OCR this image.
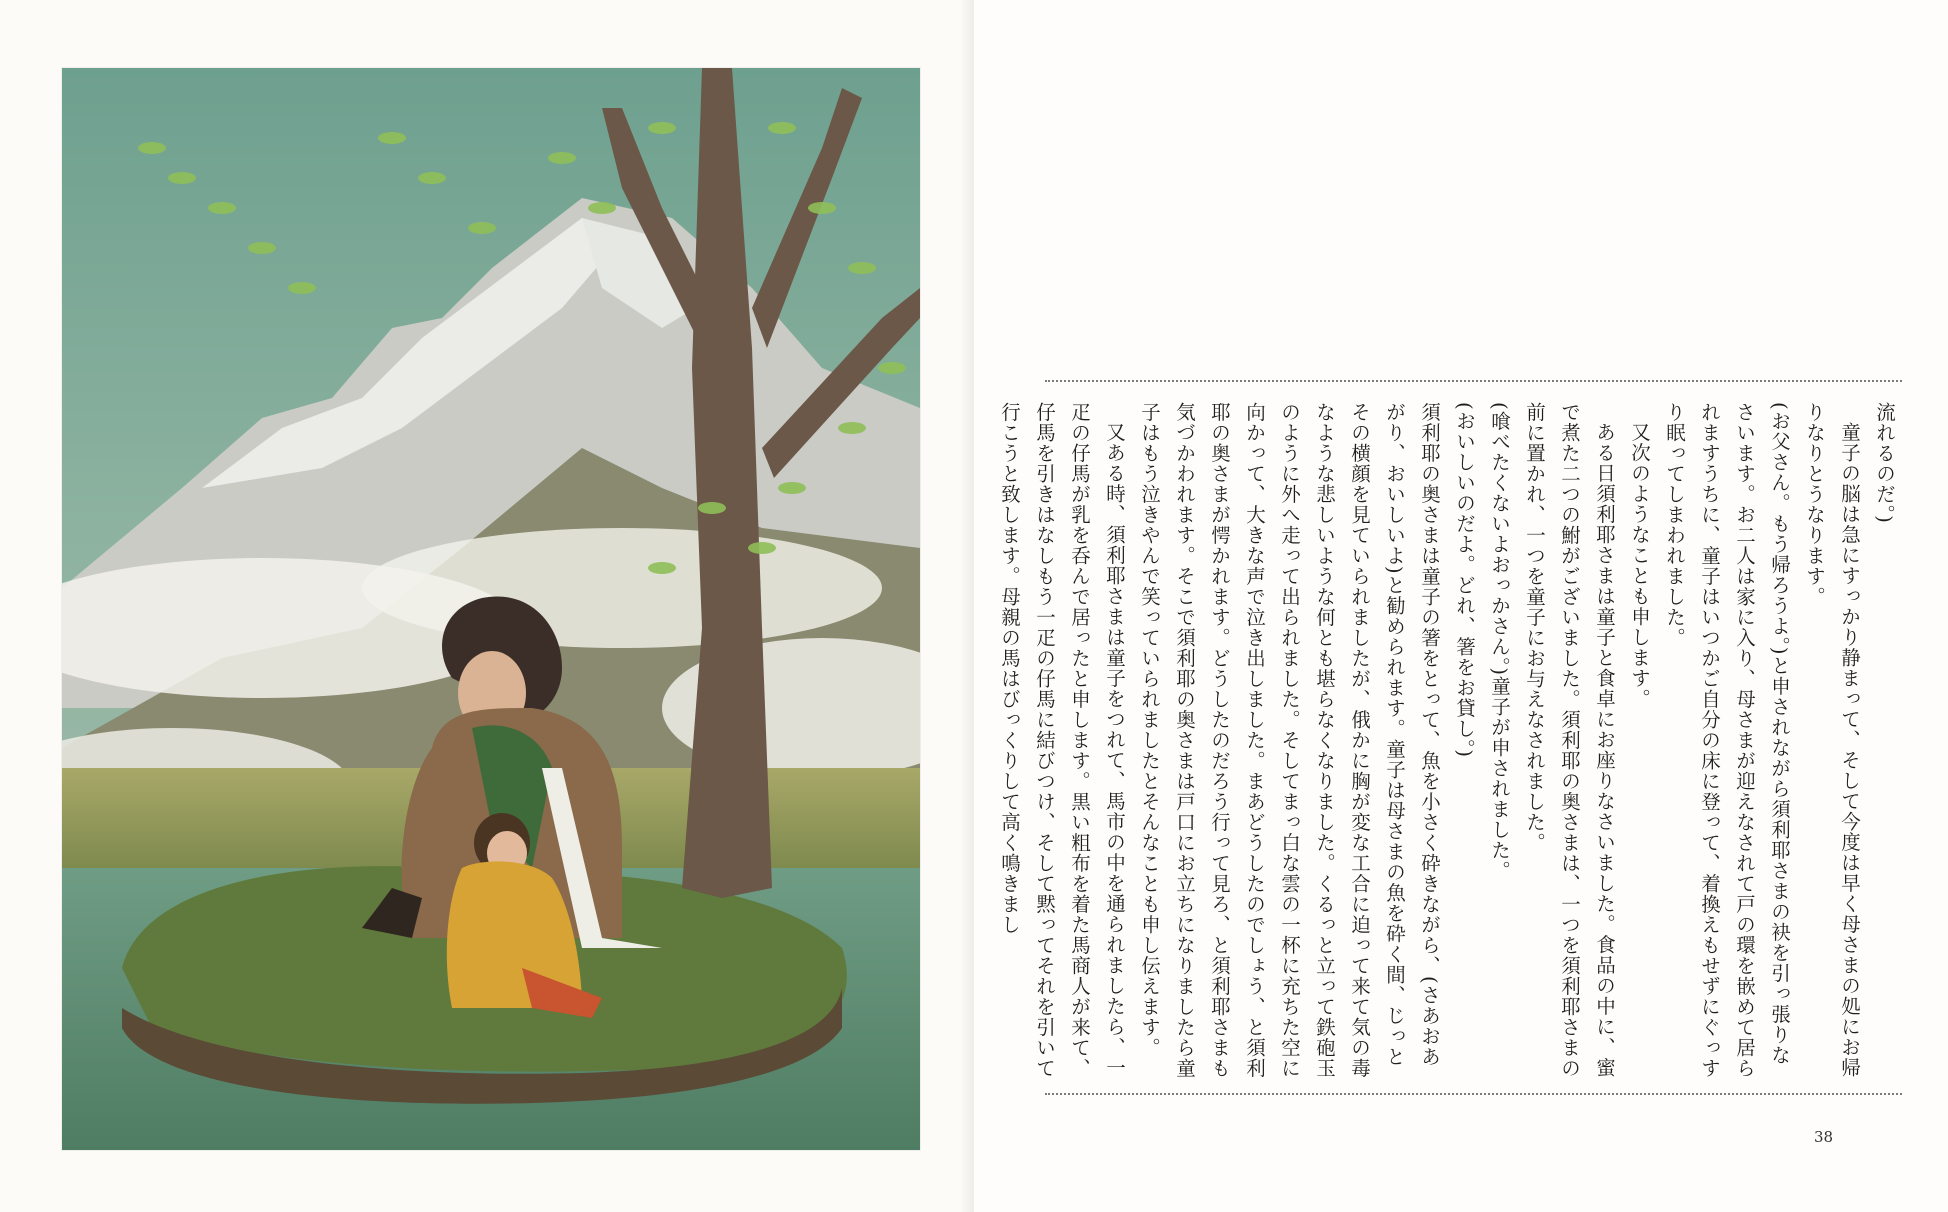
流れるのだ。)

童子の脳は急にすっかり静まって、そして今度は早く母さまの処にお帰りなりとうなります。

(お父さん。もう帰ろうよ。)と申されながら須利耶さまの袂を引っ張りなさいます。お二人は家に入り、母さまが迎えなされて戸の環を嵌めて居られますうちに、童子はいつかご自分の床に登って、着換えもせずにぐっすり眠ってしまわれました。

又次のようなことも申します。

ある日須利耶さまは童子と食卓にお座りなさいました。食品の中に、蜜で煮た二つの鮒がございました。須利耶の奥さまは、一つを須利耶さまの前に置かれ、一つを童子にお与えなされました。

(喰べたくないよおっかさん。)童子が申されました。

(おいしいのだよ。どれ、箸をお貸し。)

須利耶の奥さまは童子の箸をとって、魚を小さく砕きながら、(さあおあがり、おいしいよ)と勧められます。童子は母さまの魚を砕く間、じっとその横顔を見ていられましたが、俄かに胸が変な工合に迫って来て気の毒なような悲しいような何とも堪らなくなりました。くるっと立って鉄砲玉のように外へ走って出られました。そしてまっ白な雲の一杯に充ちた空に向かって、大きな声で泣き出しました。まあどうしたのでしょう、と須利耶の奥さまが愕かれます。どうしたのだろう行って見ろ、と須利耶さまも気づかわれます。そこで須利耶の奥さまは戸口にお立ちになりましたら童子はもう泣きやんで笑っていられましたとそんなことも申し伝えます。

又ある時、須利耶さまは童子をつれて、馬市の中を通られましたら、一疋の仔馬が乳を呑んで居ったと申します。黒い粗布を着た馬商人が来て、仔馬を引きはなしもう一疋の仔馬に結びつけ、そして黙ってそれを引いて行こうと致します。母親の馬はびっくりして高く鳴きまし

38
